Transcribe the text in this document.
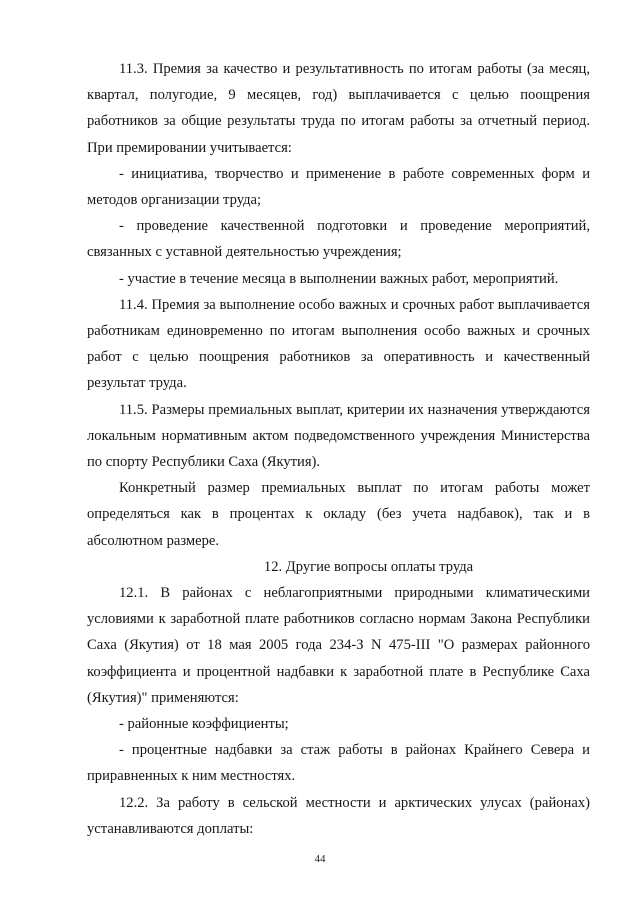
11.3. Премия за качество и результативность по итогам работы (за месяц, квартал, полугодие, 9 месяцев, год) выплачивается с целью поощрения работников за общие результаты труда по итогам работы за отчетный период. При премировании учитывается:

- инициатива, творчество и применение в работе современных форм и методов организации труда;

- проведение качественной подготовки и проведение мероприятий, связанных с уставной деятельностью учреждения;

- участие в течение месяца в выполнении важных работ, мероприятий.

11.4. Премия за выполнение особо важных и срочных работ выплачивается работникам единовременно по итогам выполнения особо важных и срочных работ с целью поощрения работников за оперативность и качественный результат труда.

11.5. Размеры премиальных выплат, критерии их назначения утверждаются локальным нормативным актом подведомственного учреждения Министерства по спорту Республики Саха (Якутия).

Конкретный размер премиальных выплат по итогам работы может определяться как в процентах к окладу (без учета надбавок), так и в абсолютном размере.

12. Другие вопросы оплаты труда

12.1. В районах с неблагоприятными природными климатическими условиями к заработной плате работников согласно нормам Закона Республики Саха (Якутия) от 18 мая 2005 года 234-З N 475-III "О размерах районного коэффициента и процентной надбавки к заработной плате в Республике Саха (Якутия)" применяются:

- районные коэффициенты;

- процентные надбавки за стаж работы в районах Крайнего Севера и приравненных к ним местностях.

12.2. За работу в сельской местности и арктических улусах (районах) устанавливаются доплаты:

44
